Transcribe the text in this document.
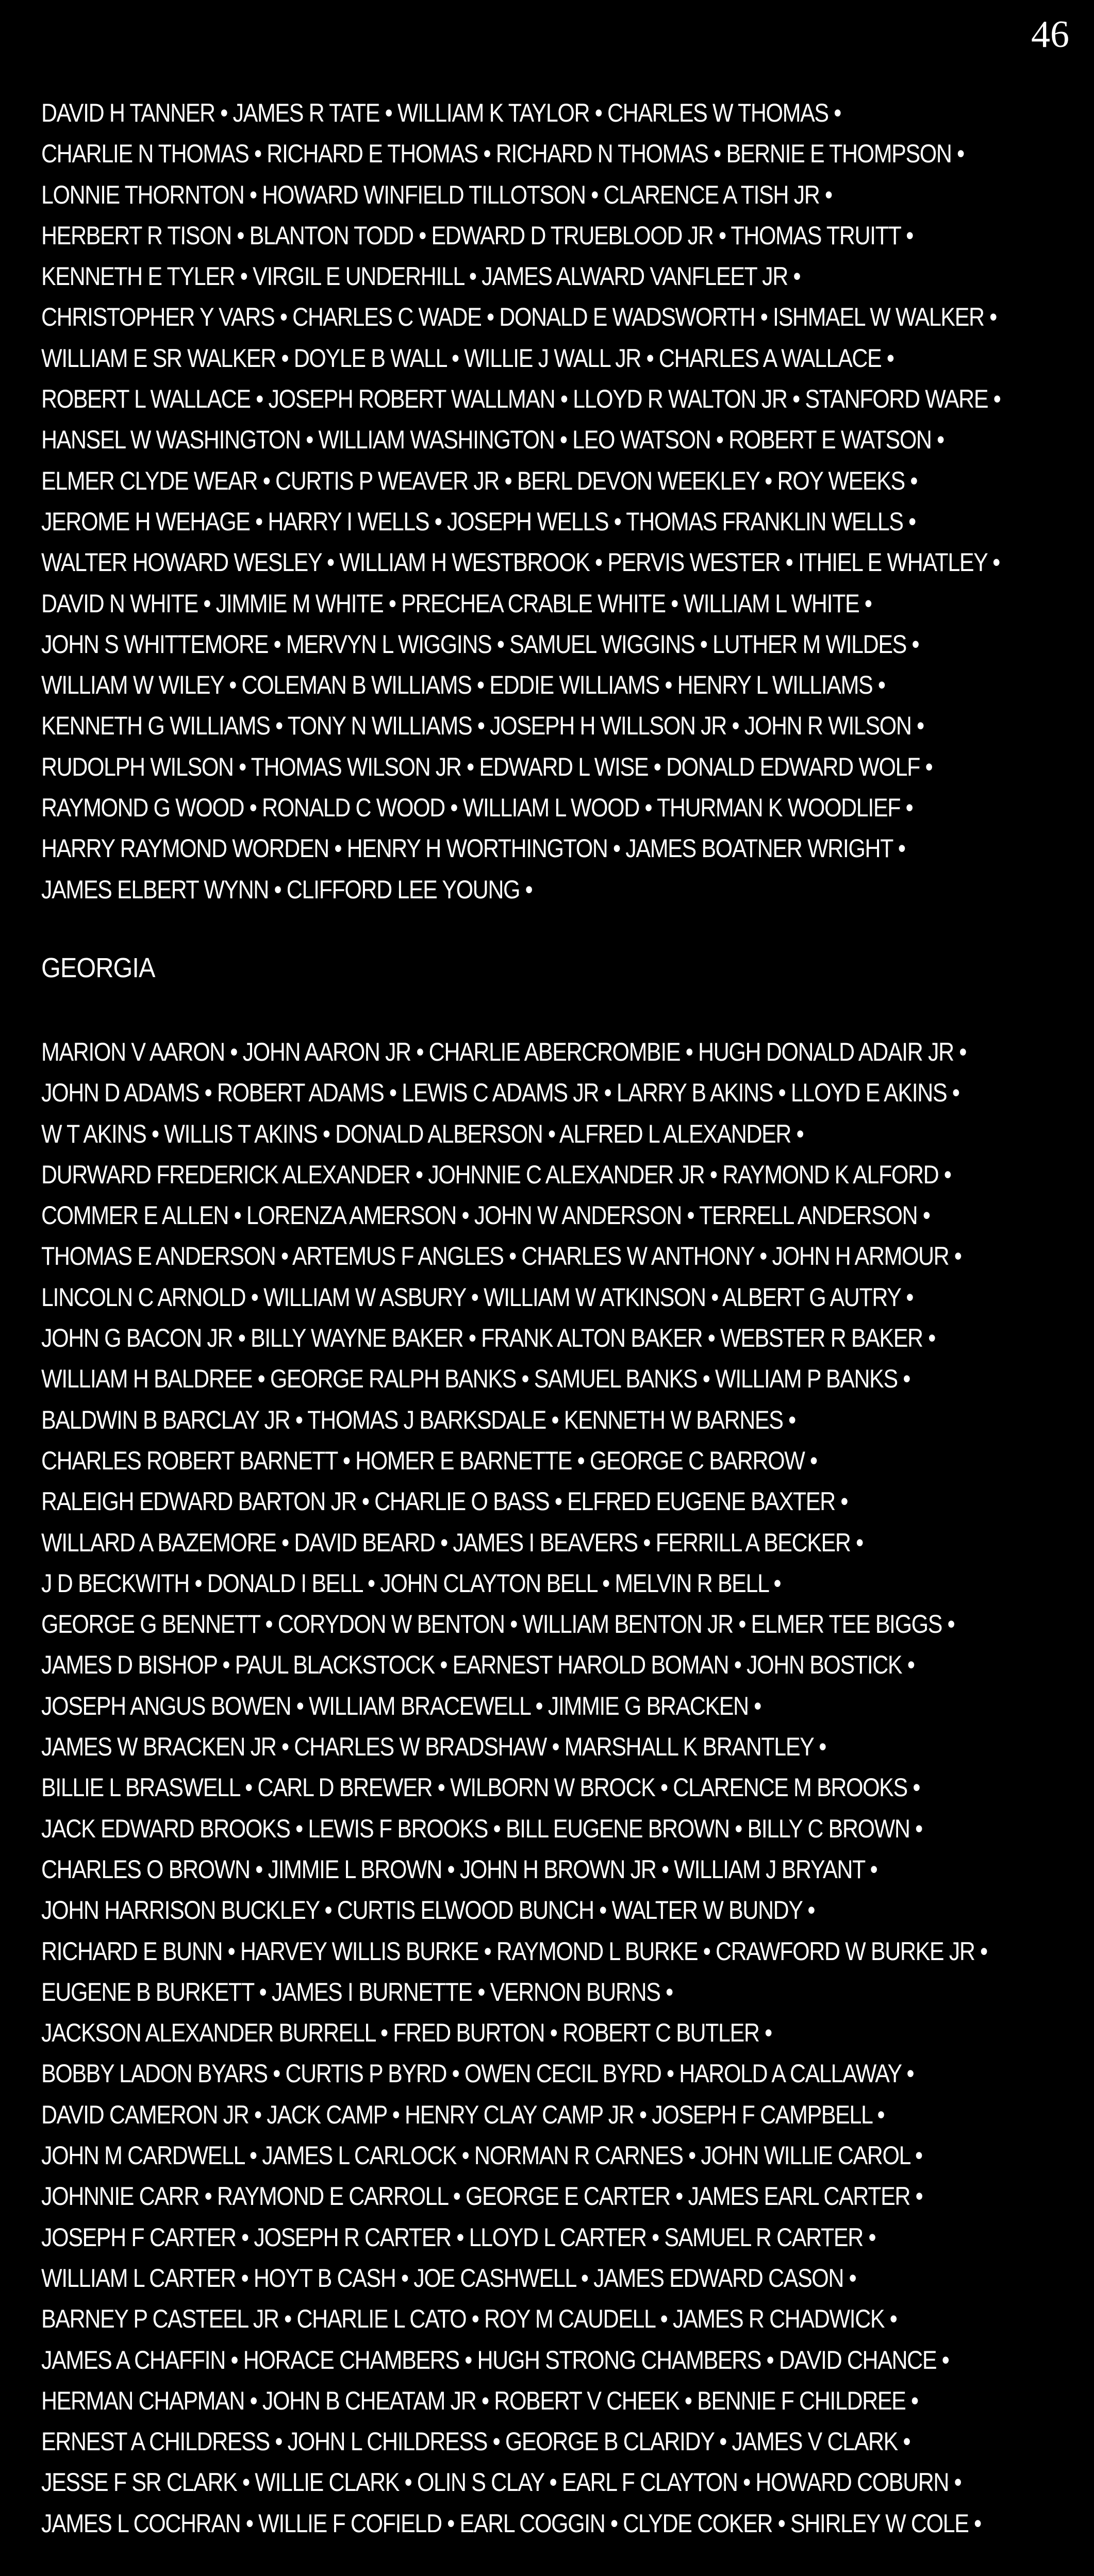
46
DAVID H TANNER • JAMES R TATE • WILLIAM K TAYLOR • CHARLES W THOMAS •
CHARLIE N THOMAS • RICHARD E THOMAS • RICHARD N THOMAS • BERNIE E THOMPSON •
LONNIE THORNTON • HOWARD WINFIELD TILLOTSON • CLARENCE A TISH JR •
HERBERT R TISON • BLANTON TODD • EDWARD D TRUEBLOOD JR • THOMAS TRUITT •
KENNETH E TYLER • VIRGIL E UNDERHILL • JAMES ALWARD VANFLEET JR •
CHRISTOPHER Y VARS • CHARLES C WADE • DONALD E WADSWORTH • ISHMAEL W WALKER •
WILLIAM E SR WALKER • DOYLE B WALL • WILLIE J WALL JR • CHARLES A WALLACE •
ROBERT L WALLACE • JOSEPH ROBERT WALLMAN • LLOYD R WALTON JR • STANFORD WARE •
HANSEL W WASHINGTON • WILLIAM WASHINGTON • LEO WATSON • ROBERT E WATSON •
ELMER CLYDE WEAR • CURTIS P WEAVER JR • BERL DEVON WEEKLEY • ROY WEEKS •
JEROME H WEHAGE • HARRY I WELLS • JOSEPH WELLS • THOMAS FRANKLIN WELLS •
WALTER HOWARD WESLEY • WILLIAM H WESTBROOK • PERVIS WESTER • ITHIEL E WHATLEY •
DAVID N WHITE • JIMMIE M WHITE • PRECHEA CRABLE WHITE • WILLIAM L WHITE •
JOHN S WHITTEMORE • MERVYN L WIGGINS • SAMUEL WIGGINS • LUTHER M WILDES •
WILLIAM W WILEY • COLEMAN B WILLIAMS • EDDIE WILLIAMS • HENRY L WILLIAMS •
KENNETH G WILLIAMS • TONY N WILLIAMS • JOSEPH H WILLSON JR • JOHN R WILSON •
RUDOLPH WILSON • THOMAS WILSON JR • EDWARD L WISE • DONALD EDWARD WOLF •
RAYMOND G WOOD • RONALD C WOOD • WILLIAM L WOOD • THURMAN K WOODLIEF •
HARRY RAYMOND WORDEN • HENRY H WORTHINGTON • JAMES BOATNER WRIGHT •
JAMES ELBERT WYNN • CLIFFORD LEE YOUNG •
GEORGIA
MARION V AARON • JOHN AARON JR • CHARLIE ABERCROMBIE • HUGH DONALD ADAIR JR •
JOHN D ADAMS • ROBERT ADAMS • LEWIS C ADAMS JR • LARRY B AKINS • LLOYD E AKINS •
W T AKINS • WILLIS T AKINS • DONALD ALBERSON • ALFRED L ALEXANDER •
DURWARD FREDERICK ALEXANDER • JOHNNIE C ALEXANDER JR • RAYMOND K ALFORD •
COMMER E ALLEN • LORENZA AMERSON • JOHN W ANDERSON • TERRELL ANDERSON •
THOMAS E ANDERSON • ARTEMUS F ANGLES • CHARLES W ANTHONY • JOHN H ARMOUR •
LINCOLN C ARNOLD • WILLIAM W ASBURY • WILLIAM W ATKINSON • ALBERT G AUTRY •
JOHN G BACON JR • BILLY WAYNE BAKER • FRANK ALTON BAKER • WEBSTER R BAKER •
WILLIAM H BALDREE • GEORGE RALPH BANKS • SAMUEL BANKS • WILLIAM P BANKS •
BALDWIN B BARCLAY JR • THOMAS J BARKSDALE • KENNETH W BARNES •
CHARLES ROBERT BARNETT • HOMER E BARNETTE • GEORGE C BARROW •
RALEIGH EDWARD BARTON JR • CHARLIE O BASS • ELFRED EUGENE BAXTER •
WILLARD A BAZEMORE • DAVID BEARD • JAMES I BEAVERS • FERRILL A BECKER •
J D BECKWITH • DONALD I BELL • JOHN CLAYTON BELL • MELVIN R BELL •
GEORGE G BENNETT • CORYDON W BENTON • WILLIAM BENTON JR • ELMER TEE BIGGS •
JAMES D BISHOP • PAUL BLACKSTOCK • EARNEST HAROLD BOMAN • JOHN BOSTICK •
JOSEPH ANGUS BOWEN • WILLIAM BRACEWELL • JIMMIE G BRACKEN •
JAMES W BRACKEN JR • CHARLES W BRADSHAW • MARSHALL K BRANTLEY •
BILLIE L BRASWELL • CARL D BREWER • WILBORN W BROCK • CLARENCE M BROOKS •
JACK EDWARD BROOKS • LEWIS F BROOKS • BILL EUGENE BROWN • BILLY C BROWN •
CHARLES O BROWN • JIMMIE L BROWN • JOHN H BROWN JR • WILLIAM J BRYANT •
JOHN HARRISON BUCKLEY • CURTIS ELWOOD BUNCH • WALTER W BUNDY •
RICHARD E BUNN • HARVEY WILLIS BURKE • RAYMOND L BURKE • CRAWFORD W BURKE JR •
EUGENE B BURKETT • JAMES I BURNETTE • VERNON BURNS •
JACKSON ALEXANDER BURRELL • FRED BURTON • ROBERT C BUTLER •
BOBBY LADON BYARS • CURTIS P BYRD • OWEN CECIL BYRD • HAROLD A CALLAWAY •
DAVID CAMERON JR • JACK CAMP • HENRY CLAY CAMP JR • JOSEPH F CAMPBELL •
JOHN M CARDWELL • JAMES L CARLOCK • NORMAN R CARNES • JOHN WILLIE CAROL •
JOHNNIE CARR • RAYMOND E CARROLL • GEORGE E CARTER • JAMES EARL CARTER •
JOSEPH F CARTER • JOSEPH R CARTER • LLOYD L CARTER • SAMUEL R CARTER •
WILLIAM L CARTER • HOYT B CASH • JOE CASHWELL • JAMES EDWARD CASON •
BARNEY P CASTEEL JR • CHARLIE L CATO • ROY M CAUDELL • JAMES R CHADWICK •
JAMES A CHAFFIN • HORACE CHAMBERS • HUGH STRONG CHAMBERS • DAVID CHANCE •
HERMAN CHAPMAN • JOHN B CHEATAM JR • ROBERT V CHEEK • BENNIE F CHILDREE •
ERNEST A CHILDRESS • JOHN L CHILDRESS • GEORGE B CLARIDY • JAMES V CLARK •
JESSE F SR CLARK • WILLIE CLARK • OLIN S CLAY • EARL F CLAYTON • HOWARD COBURN •
JAMES L COCHRAN • WILLIE F COFIELD • EARL COGGIN • CLYDE COKER • SHIRLEY W COLE •
